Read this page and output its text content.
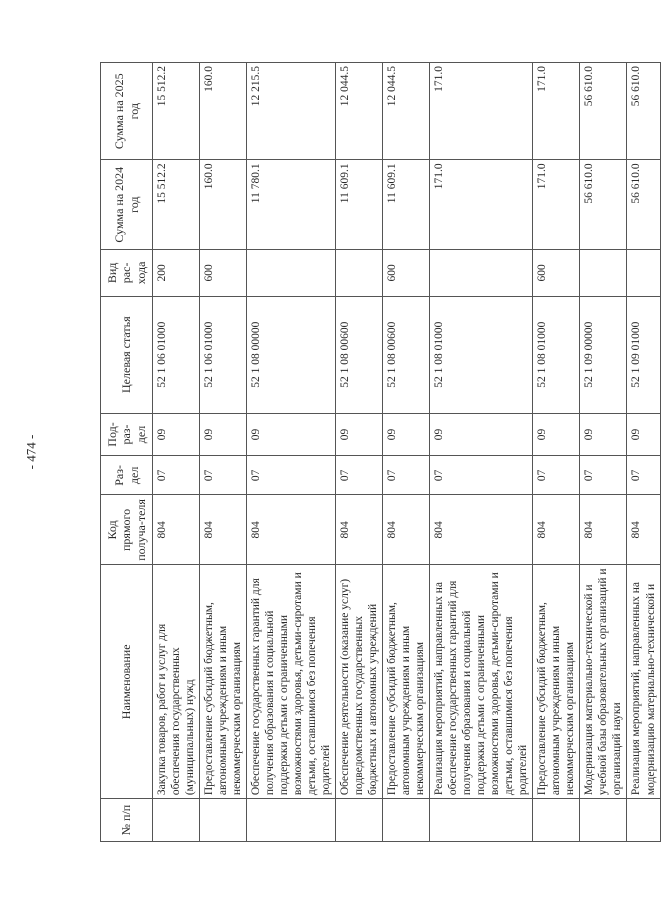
- 474 -
№ п/п	Наименование	Код прямого получа-теля	Раз-дел	Под-раз-дел	Целевая статья	Вид рас-хода	Сумма на 2024 год	Сумма на 2025 год
	Закупка товаров, работ и услуг для обеспечения государственных (муниципальных) нужд	804	07	09	52 1 06 01000	200	15 512.2	15 512.2
	Предоставление субсидий бюджетным, автономным учреждениям и иным некоммерческим организациям	804	07	09	52 1 06 01000	600	160.0	160.0
	Обеспечение государственных гарантий для получения образования и социальной поддержки детьми с ограниченными возможностями здоровья, детьми-сиротами и детьми, оставшимися без попечения родителей	804	07	09	52 1 08 00000		11 780.1	12 215.5
	Обеспечение деятельности (оказание услуг) подведомственных государственных бюджетных и автономных учреждений	804	07	09	52 1 08 00600		11 609.1	12 044.5
	Предоставление субсидий бюджетным, автономным учреждениям и иным некоммерческим организациям	804	07	09	52 1 08 00600	600	11 609.1	12 044.5
	Реализация мероприятий, направленных на обеспечение государственных гарантий для получения образования и социальной поддержки детьми с ограниченными возможностями здоровья, детьми-сиротами и детьми, оставшимися без попечения родителей	804	07	09	52 1 08 01000		171.0	171.0
	Предоставление субсидий бюджетным, автономным учреждениям и иным некоммерческим организациям	804	07	09	52 1 08 01000	600	171.0	171.0
	Модернизация материально-технической и учебной базы образовательных организаций и организаций науки	804	07	09	52 1 09 00000		56 610.0	56 610.0
	Реализация мероприятий, направленных на модернизацию материально-технической и	804	07	09	52 1 09 01000		56 610.0	56 610.0
